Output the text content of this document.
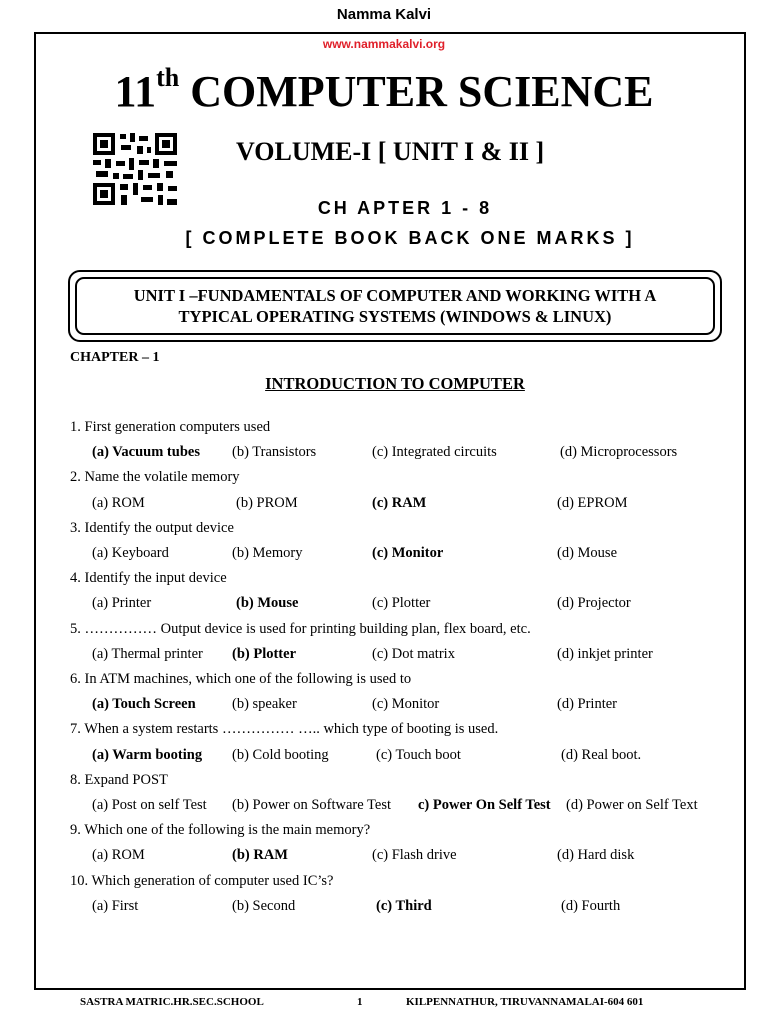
Namma Kalvi
www.nammakalvi.org
11th COMPUTER SCIENCE
VOLUME-I [ UNIT I & II ]
CH APTER 1 - 8
[ COMPLETE BOOK BACK ONE MARKS ]
UNIT I –FUNDAMENTALS OF COMPUTER AND WORKING WITH A TYPICAL OPERATING SYSTEMS (WINDOWS & LINUX)
CHAPTER – 1
INTRODUCTION TO COMPUTER
1. First generation computers used
(a) Vacuum tubes (b) Transistors	(c) Integrated circuits	(d) Microprocessors
2. Name the volatile memory
(a) ROM	(b) PROM	(c) RAM	(d) EPROM
3. Identify the output device
(a) Keyboard	(b) Memory	(c) Monitor	(d) Mouse
4. Identify the input device
(a) Printer	(b) Mouse	(c) Plotter	(d) Projector
5. …………… Output device is used for printing building plan, flex board, etc.
(a) Thermal printer (b) Plotter	(c) Dot matrix	(d) inkjet printer
6. In ATM machines, which one of the following is used to
(a) Touch Screen	(b) speaker	(c) Monitor	(d) Printer
7. When a system restarts …………… ….. which type of booting is used.
(a) Warm booting (b) Cold booting	(c) Touch boot	(d) Real boot.
8. Expand POST
(a) Post on self Test (b) Power on Software Test c) Power On Self Test (d) Power on Self Text
9. Which one of the following is the main memory?
(a) ROM	(b) RAM	(c) Flash drive	(d) Hard disk
10. Which generation of computer used IC’s?
(a) First	(b) Second	(c) Third	(d) Fourth
SASTRA MATRIC.HR.SEC.SCHOOL	1	KILPENNATHUR, TIRUVANNAMALAI-604 601
